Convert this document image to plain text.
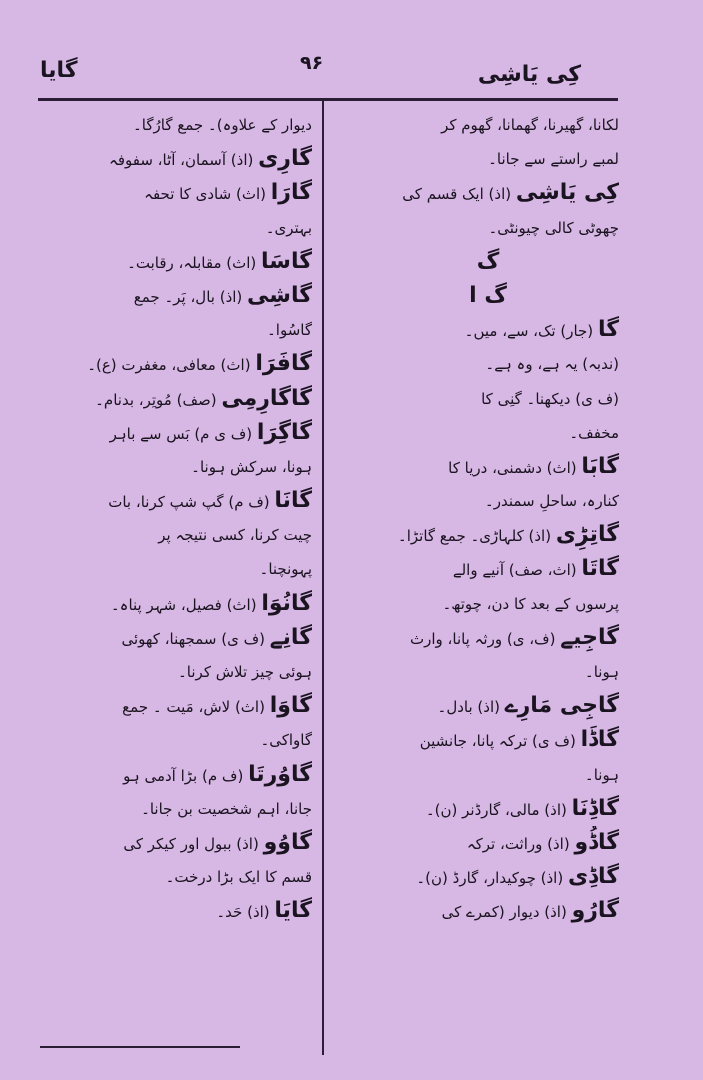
گایا	۹۶	کِی یَاشِی
لکانا، گھیرنا، گھمانا، گھوم کر
لمبے راستے سے جانا۔
کِی یَاشِی (اذ) ایک قسم کی
چھوٹی کالی چیونٹی۔
گ
گ ا
گا (جار) تک، سے، میں۔
(ندبہ) یہ ہے، وہ ہے۔
(ف ی) دیکھنا۔ گنِی کا
مخفف۔
گابَا (اث) دشمنی، دریا کا
کنارہ، ساحلِ سمندر۔
گاتِڑِی (اذ) کلہاڑی۔ جمع گاتڑا۔
گاتَا (اث، صف) آنیے والے
پرسوں کے بعد کا دن، چوتھ۔
گاجِیے (ف، ی) ورثہ پانا، وارث
ہونا۔
گاجِی مَارِے (اذ) بادل۔
گاڈَا (ف ی) ترکہ پانا، جانشین
ہونا۔
گاڈِنَا (اذ) مالی، گارڈنر (ن)۔
گاڈُو (اذ) وراثت، ترکہ
گاڈِی (اذ) چوکیدار، گارڈ (ن)۔
گارُو (اذ) دیوار (کمرے کی
دیوار کے علاوہ)۔ جمع گارُگا۔
گارِی (اذ) آسمان، آٹا، سفوفہ
گارَا (اث) شادی کا تحفہ
بہتری۔
گاسَا (اث) مقابلہ، رقابت۔
گاشِی (اذ) بال، پَر۔ جمع
گاسُوا۔
گافَرَا (اث) معافی، مغفرت (ع)۔
گاگارِمِی (صف) مُوتِر، بدنام۔
گاگِرَا (ف ی م) بَس سے باہر
ہونا، سرکش ہونا۔
گانَا (ف م) گپ شپ کرنا، بات
چیت کرنا، کسی نتیجہ پر
پہونچنا۔
گانُوَا (اث) فصیل، شہر پناہ۔
گانِے (ف ی) سمجھنا، کھوئی
ہوئی چیز تلاش کرنا۔
گاوَا (اث) لاش، مَیت ۔ جمع
گاواکی۔
گاوُرتَا (ف م) بڑا آدمی ہو
جانا، اہم شخصیت بن جانا۔
گاوُو (اذ) ببول اور کیکر کی
قسم کا ایک بڑا درخت۔
گایَا (اذ) حَد۔
